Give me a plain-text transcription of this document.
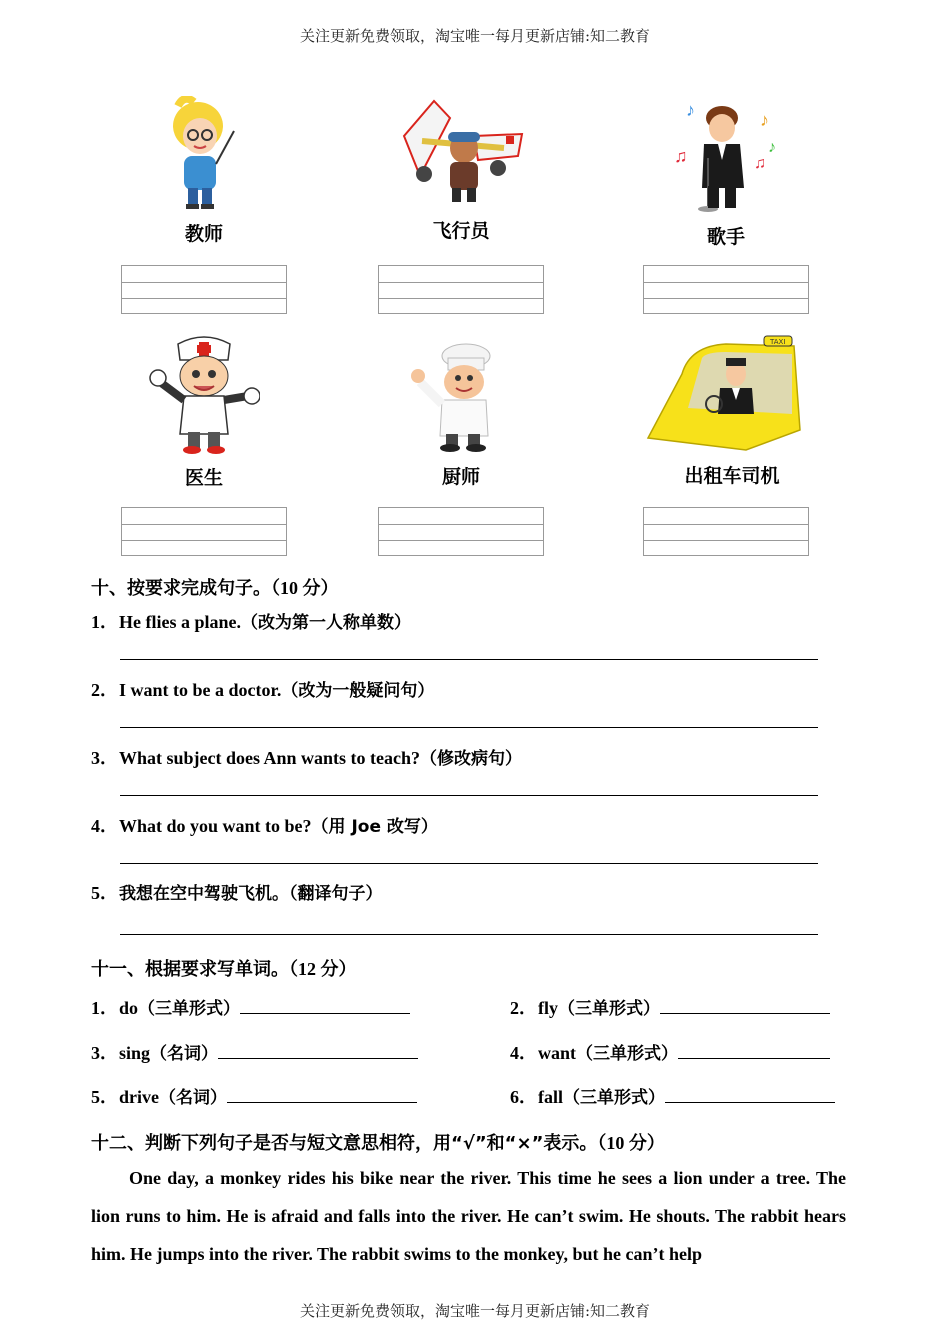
关注更新免费领取，淘宝唯一每月更新店铺:知二教育
关注更新免费领取，淘宝唯一每月更新店铺:知二教育
♪
♫
♪
♪
♫
TAXI
教师	飞行员	歌手
医生	厨师	出租车司机
十、按要求完成句子。（10 分）
1．He flies a plane.（改为第一人称单数）
2．I want to be a doctor.（改为一般疑问句）
3．What subject does Ann wants to teach?（修改病句）
4．What do you want to be?（用 Joe 改写）
5．我想在空中驾驶飞机。（翻译句子）
十一、根据要求写单词。（12 分）
1．do（三单形式）	2．fly（三单形式）
3．sing（名词）	4．want（三单形式）
5．drive（名词）	6．fall（三单形式）
十二、判断下列句子是否与短文意思相符，用“√”和“×”表示。（10 分）
One day, a monkey rides his bike near the river. This time he sees a lion under a tree. The lion runs to him. He is afraid and falls into the river. He can’t swim. He shouts. The rabbit hears him. He jumps into the river. The rabbit swims to the monkey, but he can’t help
